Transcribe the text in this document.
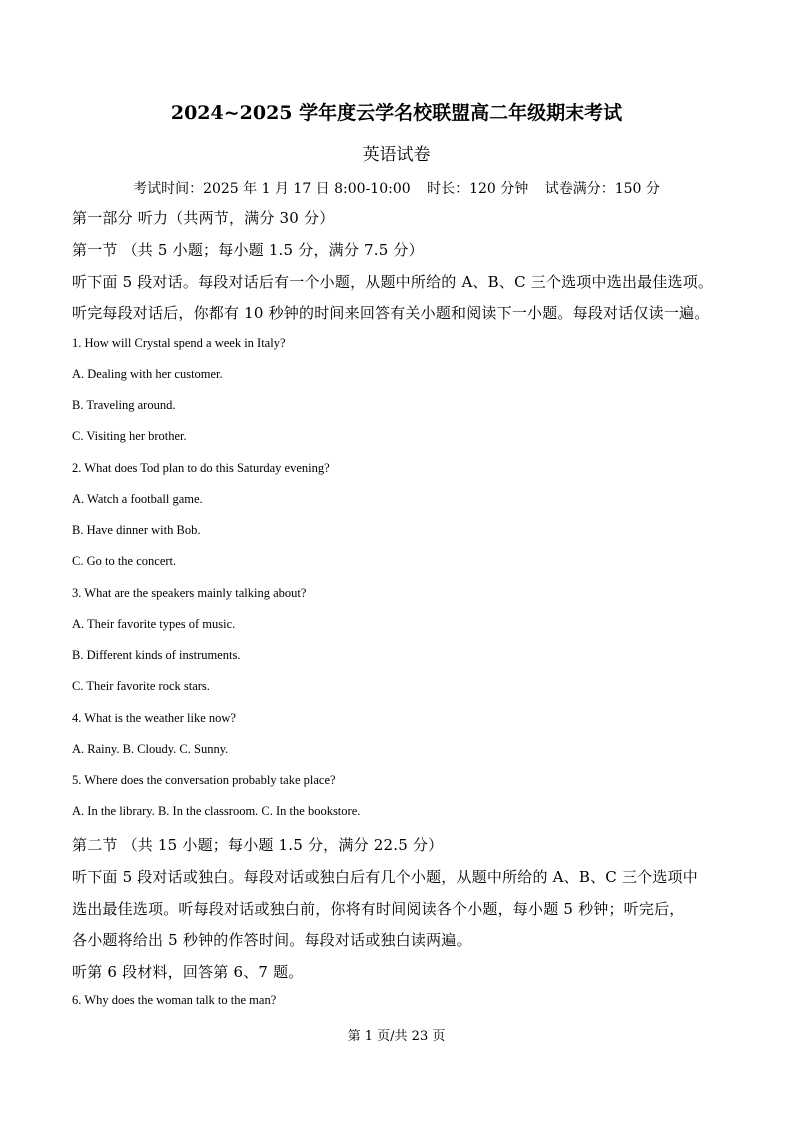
2024~2025 学年度云学名校联盟高二年级期末考试
英语试卷
考试时间：2025 年 1 月 17 日 8:00-10:00 时长：120 分钟 试卷满分：150 分
第一部分 听力（共两节，满分 30 分）
第一节 （共 5 小题；每小题 1.5 分，满分 7.5 分）
听下面 5 段对话。每段对话后有一个小题，从题中所给的 A、B、C 三个选项中选出最佳选项。
听完每段对话后，你都有 10 秒钟的时间来回答有关小题和阅读下一小题。每段对话仅读一遍。
1. How will Crystal spend a week in Italy?
A. Dealing with her customer.
B. Traveling around.
C. Visiting her brother.
2. What does Tod plan to do this Saturday evening?
A. Watch a football game.
B. Have dinner with Bob.
C. Go to the concert.
3. What are the speakers mainly talking about?
A. Their favorite types of music.
B. Different kinds of instruments.
C. Their favorite rock stars.
4. What is the weather like now?
A. Rainy. B. Cloudy. C. Sunny.
5. Where does the conversation probably take place?
A. In the library. B. In the classroom. C. In the bookstore.
第二节 （共 15 小题；每小题 1.5 分，满分 22.5 分）
听下面 5 段对话或独白。每段对话或独白后有几个小题，从题中所给的 A、B、C 三个选项中
选出最佳选项。听每段对话或独白前，你将有时间阅读各个小题，每小题 5 秒钟；听完后，
各小题将给出 5 秒钟的作答时间。每段对话或独白读两遍。
听第 6 段材料，回答第 6、7 题。
6. Why does the woman talk to the man?
第 1 页/共 23 页
